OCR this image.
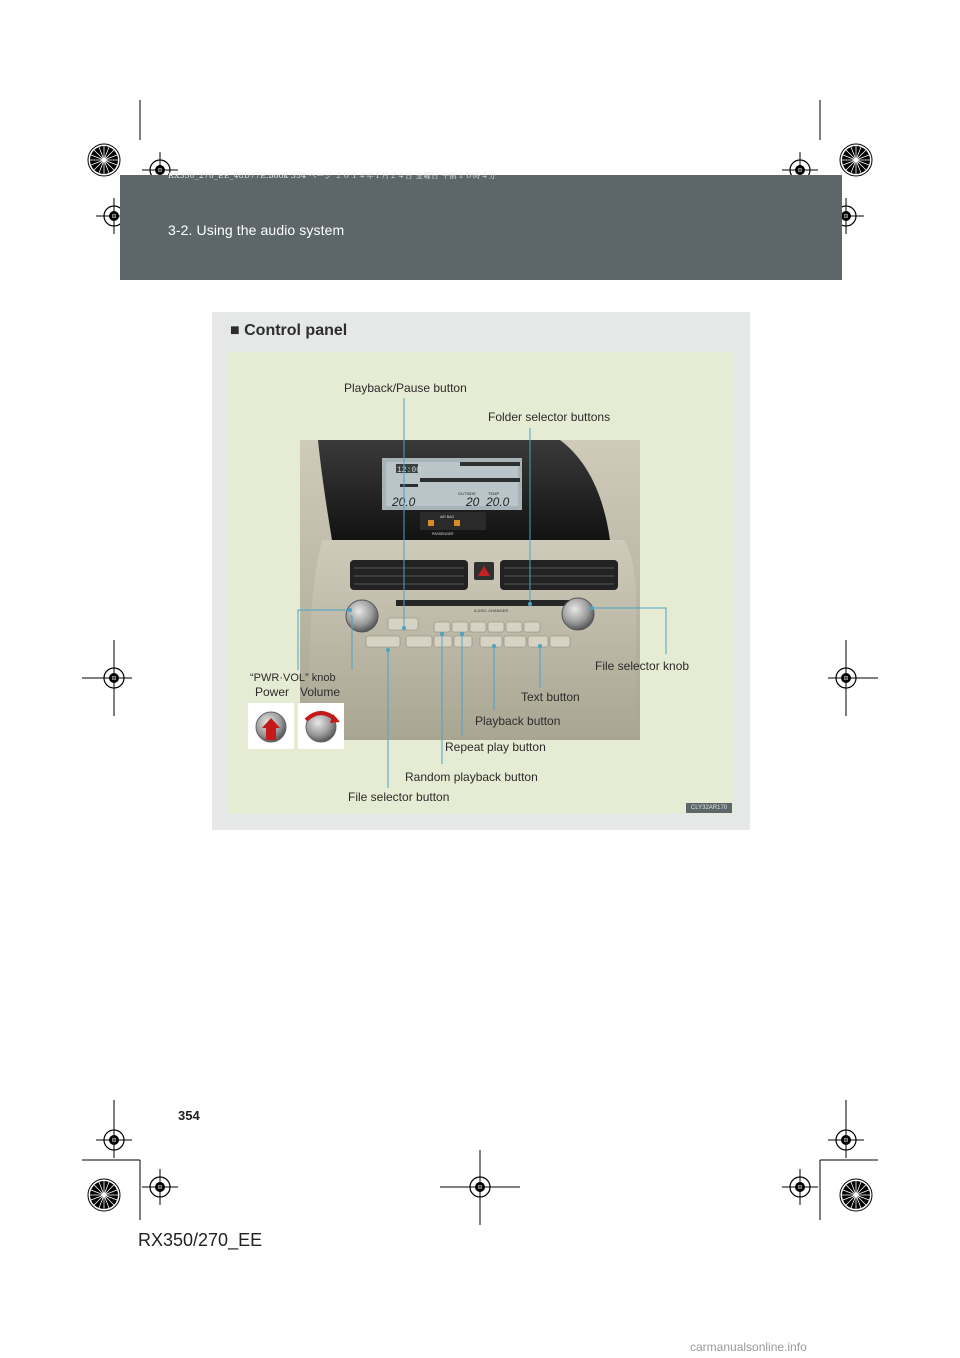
RX350_270_EE_48D77E.book 354 ページ ２０１４年１月２４日 金曜日 午前１０時４分
3-2. Using the audio system
■ Control panel
12:00
20.0
OUTSIDE	TEMP
20 20.0
AIR BAG
PASSENGER
6-DISC CHANGER
Playback/Pause button
Folder selector buttons
File selector knob
“PWR·VOL” knob
Power Volume	Text button
Playback button
Repeat play button
Random playback button
File selector button
CLY32AR170
354
RX350/270_EE
carmanualsonline.info
